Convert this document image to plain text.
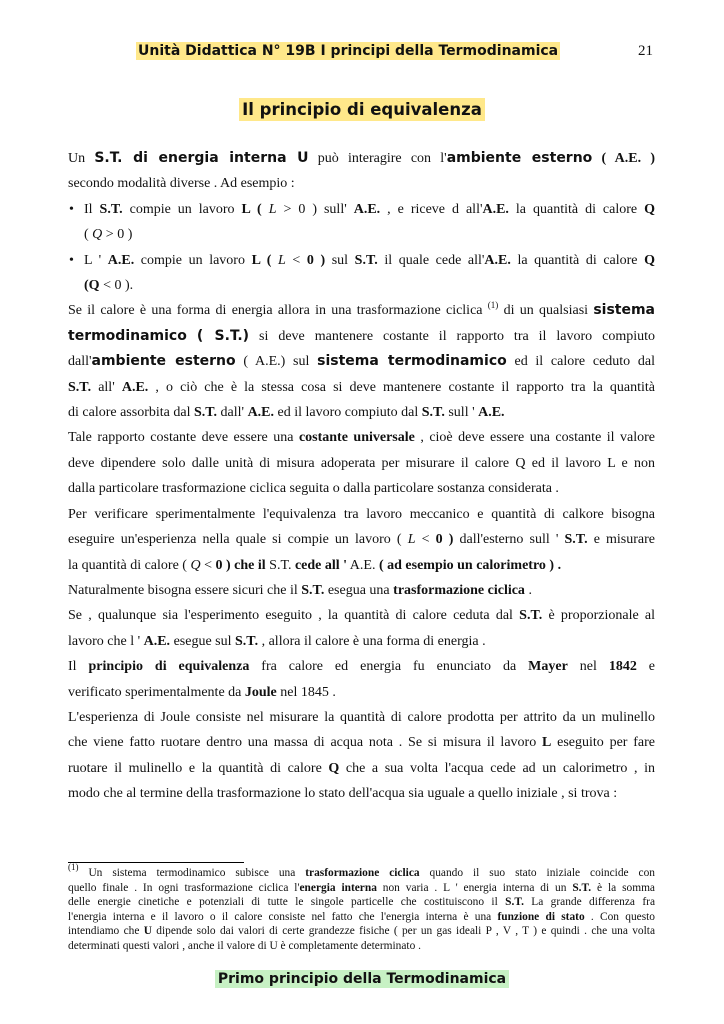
Unità Didattica N° 19B I principi della Termodinamica	21
Il principio di equivalenza

Un S.T. di energia interna U può interagire con l'ambiente esterno ( A.E. )

secondo modalità diverse . Ad esempio :

• Il S.T. compie un lavoro L ( L > 0 ) sull' A.E. , e riceve d all'A.E. la quantità di calore Q

( Q > 0 )

• L ' A.E. compie un lavoro L ( L < 0 ) sul S.T. il quale cede all'A.E. la quantità di calore Q

(Q < 0 ).

Se il calore è una forma di energia allora in una trasformazione ciclica $^{(1)}$ di un qualsiasi sistema

termodinamico ( S.T.) si deve mantenere costante il rapporto tra il lavoro compiuto

dall'ambiente esterno ( A.E.) sul sistema termodinamico ed il calore ceduto dal

S.T. all' A.E. , o ciò che è la stessa cosa si deve mantenere costante il rapporto tra la quantità

di calore assorbita dal S.T. dall' A.E. ed il lavoro compiuto dal S.T. sull ' A.E.

Tale rapporto costante deve essere una costante universale , cioè deve essere una costante il valore

deve dipendere solo dalle unità di misura adoperata per misurare il calore Q ed il lavoro L e non

dalla particolare trasformazione ciclica seguita o dalla particolare sostanza considerata .

Per verificare sperimentalmente l'equivalenza tra lavoro meccanico e quantità di calkore bisogna

eseguire un'esperienza nella quale si compie un lavoro ( L < 0 ) dall'esterno sull ' S.T. e misurare

la quantità di calore ( Q < 0 ) che il S.T. cede all ' A.E. ( ad esempio un calorimetro ) .

Naturalmente bisogna essere sicuri che il S.T. esegua una trasformazione ciclica .

Se , qualunque sia l'esperimento eseguito , la quantità di calore ceduta dal S.T. è proporzionale al

lavoro che l ' A.E. esegue sul S.T. , allora il calore è una forma di energia .

Il principio di equivalenza fra calore ed energia fu enunciato da Mayer nel 1842 e

verificato sperimentalmente da Joule nel 1845 .

L'esperienza di Joule consiste nel misurare la quantità di calore prodotta per attrito da un mulinello

che viene fatto ruotare dentro una massa di acqua nota . Se si misura il lavoro L eseguito per fare

ruotare il mulinello e la quantità di calore Q che a sua volta l'acqua cede ad un calorimetro , in

modo che al termine della trasformazione lo stato dell'acqua sia uguale a quello iniziale , si trova :

$^{(1)}$ Un sistema termodinamico subisce una trasformazione ciclica quando il suo stato iniziale coincide con

quello finale . In ogni trasformazione ciclica l'energia interna non varia . L ' energia interna di un S.T. è la somma

delle energie cinetiche e potenziali di tutte le singole particelle che costituiscono il S.T. La grande differenza fra

l'energia interna e il lavoro o il calore consiste nel fatto che l'energia interna è una funzione di stato . Con questo

intendiamo che U dipende solo dai valori di certe grandezze fisiche ( per un gas ideali P , V , T ) e quindi . che una volta

determinati questi valori , anche il valore di U è completamente determinato .

Primo principio della Termodinamica
